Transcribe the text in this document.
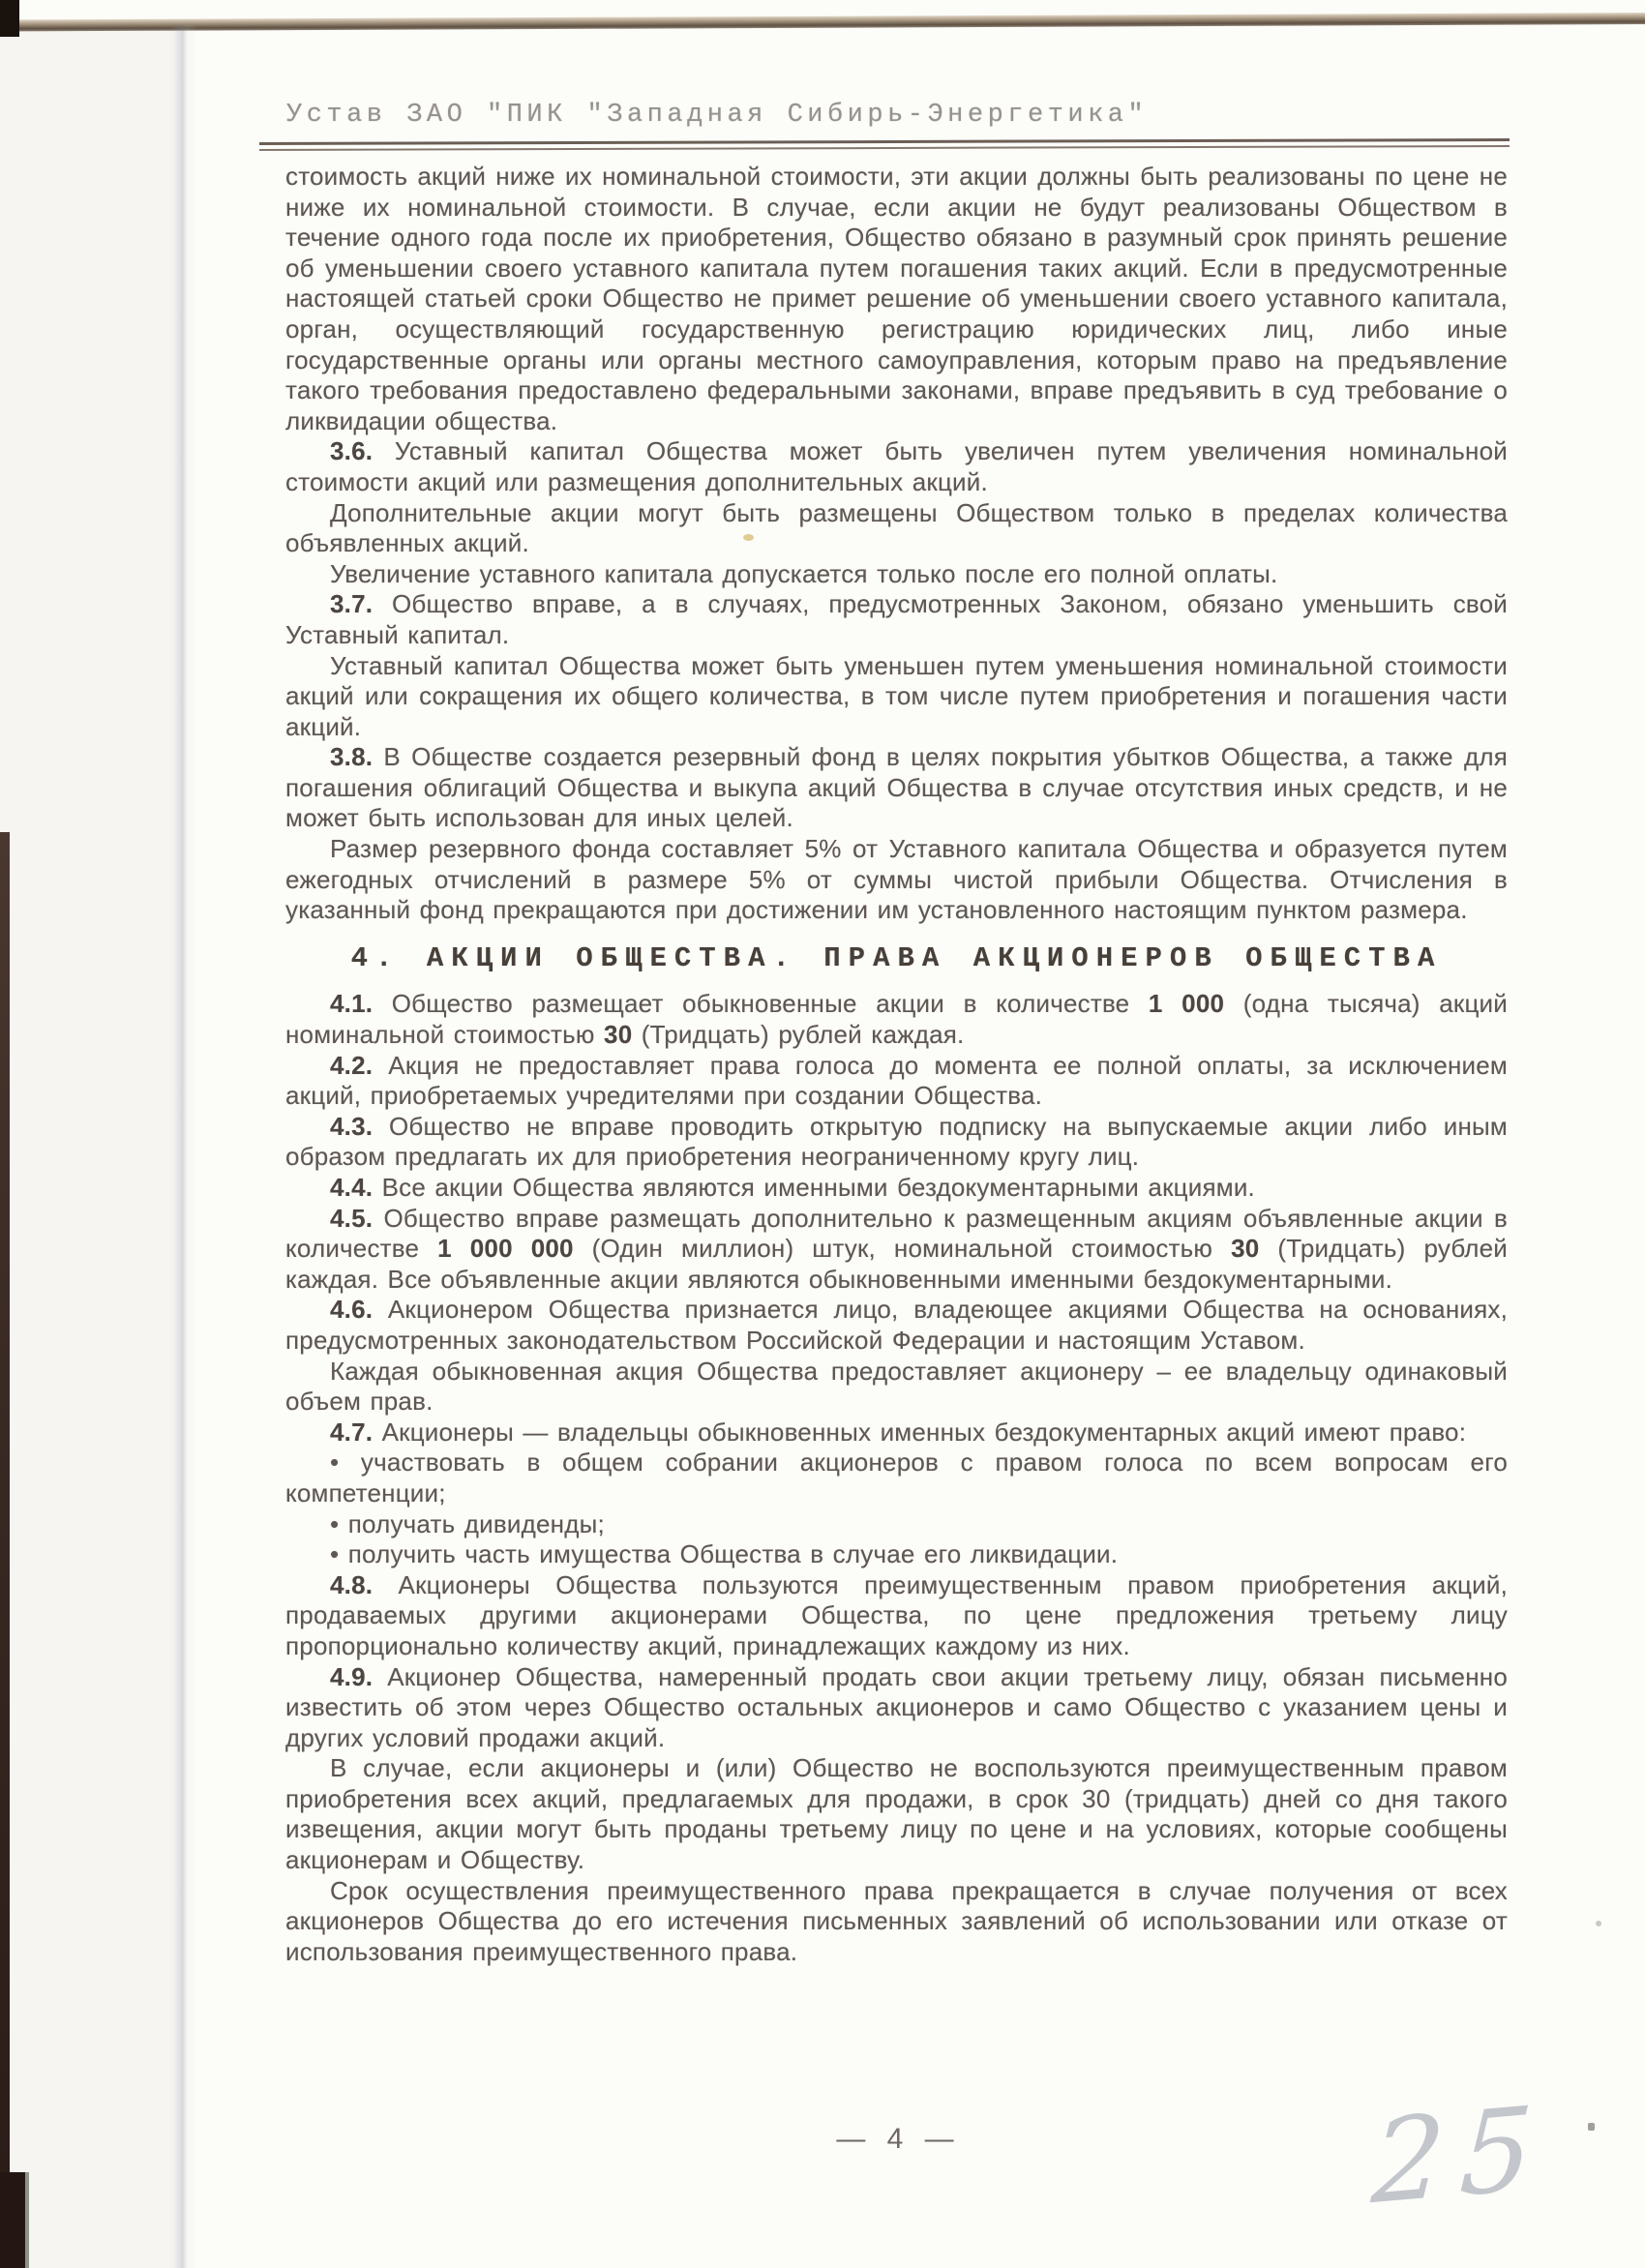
Устав ЗАО "ПИК "Западная Сибирь-Энергетика"

стоимость акций ниже их номинальной стоимости, эти акции должны быть реализованы по цене не ниже их номинальной стоимости. В случае, если акции не будут реализованы Обществом в течение одного года после их приобретения, Общество обязано в разумный срок принять решение об уменьшении своего уставного капитала путем погашения таких акций. Если в предусмотренные настоящей статьей сроки Общество не примет решение об уменьшении своего уставного капитала, орган, осуществляющий государственную регистрацию юридических лиц, либо иные государственные органы или органы местного самоуправления, которым право на предъявление такого требования предоставлено федеральными законами, вправе предъявить в суд требование о ликвидации общества.

3.6. Уставный капитал Общества может быть увеличен путем увеличения номинальной стоимости акций или размещения дополнительных акций.

Дополнительные акции могут быть размещены Обществом только в пределах количества объявленных акций.

Увеличение уставного капитала допускается только после его полной оплаты.

3.7. Общество вправе, а в случаях, предусмотренных Законом, обязано уменьшить свой Уставный капитал.

Уставный капитал Общества может быть уменьшен путем уменьшения номинальной стоимости акций или сокращения их общего количества, в том числе путем приобретения и погашения части акций.

3.8. В Обществе создается резервный фонд в целях покрытия убытков Общества, а также для погашения облигаций Общества и выкупа акций Общества в случае отсутствия иных средств, и не может быть использован для иных целей.

Размер резервного фонда составляет 5% от Уставного капитала Общества и образуется путем ежегодных отчислений в размере 5% от суммы чистой прибыли Общества. Отчисления в указанный фонд прекращаются при достижении им установленного настоящим пунктом размера.

4. АКЦИИ ОБЩЕСТВА. ПРАВА АКЦИОНЕРОВ ОБЩЕСТВА

4.1. Общество размещает обыкновенные акции в количестве 1 000 (одна тысяча) акций номинальной стоимостью 30 (Тридцать) рублей каждая.

4.2. Акция не предоставляет права голоса до момента ее полной оплаты, за исключением акций, приобретаемых учредителями при создании Общества.

4.3. Общество не вправе проводить открытую подписку на выпускаемые акции либо иным образом предлагать их для приобретения неограниченному кругу лиц.

4.4. Все акции Общества являются именными бездокументарными акциями.

4.5. Общество вправе размещать дополнительно к размещенным акциям объявленные акции в количестве 1 000 000 (Один миллион) штук, номинальной стоимостью 30 (Тридцать) рублей каждая. Все объявленные акции являются обыкновенными именными бездокументарными.

4.6. Акционером Общества признается лицо, владеющее акциями Общества на основаниях, предусмотренных законодательством Российской Федерации и настоящим Уставом.

Каждая обыкновенная акция Общества предоставляет акционеру – ее владельцу одинаковый объем прав.

4.7. Акционеры — владельцы обыкновенных именных бездокументарных акций имеют право:

• участвовать в общем собрании акционеров с правом голоса по всем вопросам его компетенции;

• получать дивиденды;

• получить часть имущества Общества в случае его ликвидации.

4.8. Акционеры Общества пользуются преимущественным правом приобретения акций, продаваемых другими акционерами Общества, по цене предложения третьему лицу пропорционально количеству акций, принадлежащих каждому из них.

4.9. Акционер Общества, намеренный продать свои акции третьему лицу, обязан письменно известить об этом через Общество остальных акционеров и само Общество с указанием цены и других условий продажи акций.

В случае, если акционеры и (или) Общество не воспользуются преимущественным правом приобретения всех акций, предлагаемых для продажи, в срок 30 (тридцать) дней со дня такого извещения, акции могут быть проданы третьему лицу по цене и на условиях, которые сообщены акционерам и Обществу.

Срок осуществления преимущественного права прекращается в случае получения от всех акционеров Общества до его истечения письменных заявлений об использовании или отказе от использования преимущественного права.

— 4 —	25
